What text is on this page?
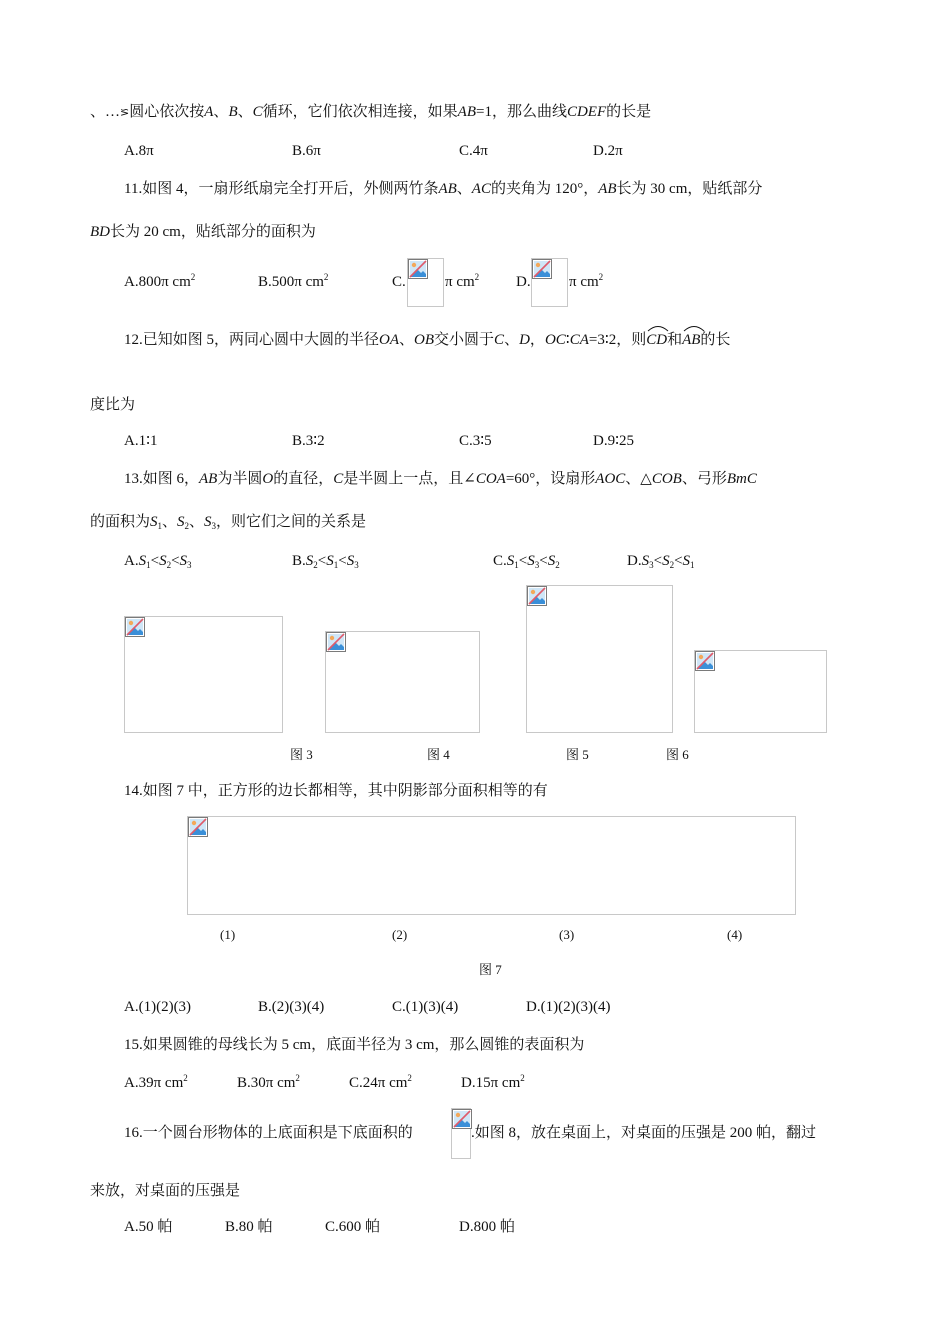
、…⪞圆心依次按A、B、C循环，它们依次相连接，如果AB=1，那么曲线CDEF的长是
A.8π	B.6π	C.4π	D.2π
11.如图 4，一扇形纸扇完全打开后，外侧两竹条AB、AC的夹角为 120°，AB长为 30 cm，贴纸部分
BD长为 20 cm，贴纸部分的面积为
A.800π $cm^2$	B.500π $cm^2$	C.	π $cm^2$ D.	π $cm^2$
12.已知如图 5，两同心圆中大圆的半径OA、OB交小圆于C、D，OC∶CA=3∶2，则
CD和
AB的长
度比为
A.1∶1	B.3∶2	C.3∶5	D.9∶25
13.如图 6，AB为半圆O的直径，C是半圆上一点，且∠COA=60°，设扇形AOC、△COB、弓形BmC
的面积为$S_1$、$S_2$、$S_3$，则它们之间的关系是
$A.S_1<S_2<S_3$	$B.S_2<S_1<S_3$	$C.S_1<S_3<S_2$	$D.S_3<S_2<S_1$
图 3	图 4	图 5	图 6
14.如图 7 中，正方形的边长都相等，其中阴影部分面积相等的有
(1)	(2)	(3)	(4)
图 7
A.(1)(2)(3)	B.(2)(3)(4)	C.(1)(3)(4)	D.(1)(2)(3)(4)
15.如果圆锥的母线长为 5 cm，底面半径为 3 cm，那么圆锥的表面积为
A.39π $cm^2$	B.30π $cm^2$	C.24π $cm^2$	D.15π $cm^2$
16.一个圆台形物体的上底面积是下底面积的	.如图 8，放在桌面上，对桌面的压强是 200 帕，翻过
来放，对桌面的压强是
A.50 帕	B.80 帕	C.600 帕	D.800 帕
